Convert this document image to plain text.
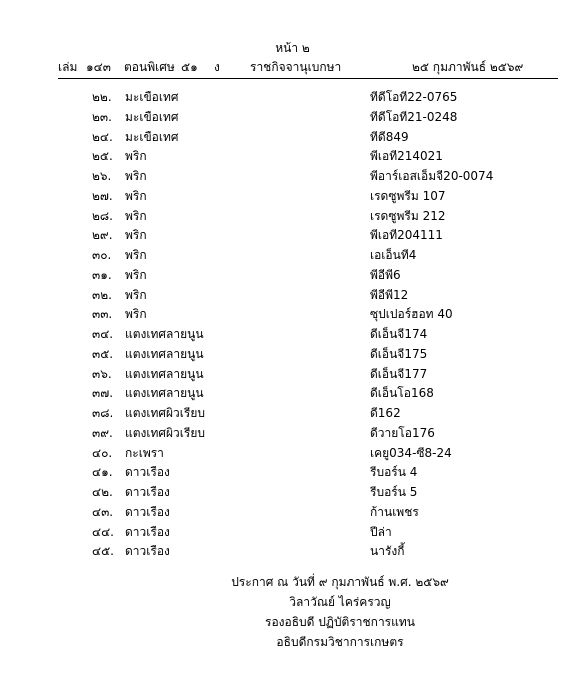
หน้า ๒
เล่ม ๑๔๓ ตอนพิเศษ ๕๑ ง	ราชกิจจานุเบกษา	๒๕ กุมภาพันธ์ ๒๕๖๙
๒๒. มะเขือเทศ	ทีดีโอที22-0765
๒๓. มะเขือเทศ	ทีดีโอที21-0248
๒๔. มะเขือเทศ	ทีดี849
๒๕. พริก	พีเอที214021
๒๖. พริก	พีอาร์เอสเอ็มจี20-0074
๒๗. พริก	เรดซูพรีม 107
๒๘. พริก	เรดซูพรีม 212
๒๙. พริก	พีเอที204111
๓๐. พริก	เอเอ็นที4
๓๑. พริก	พีอีพี6
๓๒. พริก	พีอีพี12
๓๓. พริก	ซุปเปอร์ฮอท 40
๓๔. แตงเทศลายนูน	ดีเอ็นจี174
๓๕. แตงเทศลายนูน	ดีเอ็นจี175
๓๖. แตงเทศลายนูน	ดีเอ็นจี177
๓๗. แตงเทศลายนูน	ดีเอ็นโอ168
๓๘. แตงเทศผิวเรียบ	ดี162
๓๙. แตงเทศผิวเรียบ	ดีวายโอ176
๔๐. กะเพรา	เคยู034-ซี8-24
๔๑. ดาวเรือง	รีบอร์น 4
๔๒. ดาวเรือง	รีบอร์น 5
๔๓. ดาวเรือง	ก้านเพชร
๔๔. ดาวเรือง	ปีล่า
๔๕. ดาวเรือง	นารังกี้
ประกาศ ณ วันที่ ๙ กุมภาพันธ์ พ.ศ. ๒๕๖๙
วิลาวัณย์ ไคร่ครวญ
รองอธิบดี ปฏิบัติราชการแทน
อธิบดีกรมวิชาการเกษตร
